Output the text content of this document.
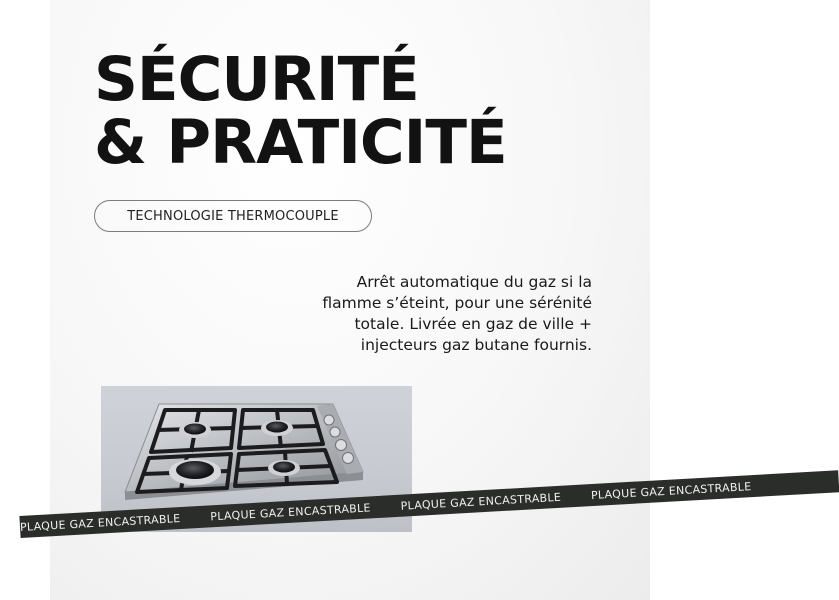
SÉCURITÉ
& PRATICITÉ
TECHNOLOGIE THERMOCOUPLE

Arrêt automatique du gaz si la
flamme s’éteint, pour une sérénité
totale. Livrée en gaz de ville +
injecteurs gaz butane fournis.

PLAQUE GAZ ENCASTRABLE	PLAQUE GAZ ENCASTRABLE	PLAQUE GAZ ENCASTRABLE	PLAQUE GAZ ENCASTRABLE
